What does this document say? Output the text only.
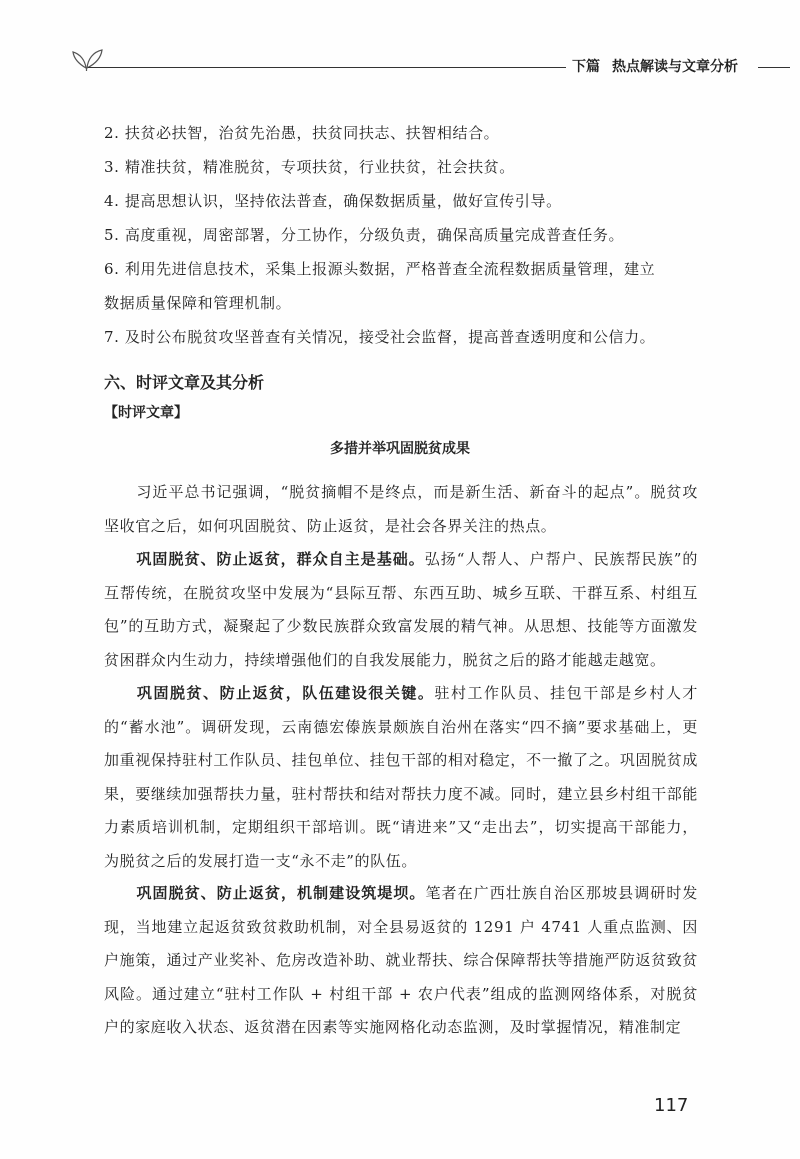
下篇 热点解读与文章分析
2. 扶贫必扶智，治贫先治愚，扶贫同扶志、扶智相结合。
3. 精准扶贫，精准脱贫，专项扶贫，行业扶贫，社会扶贫。
4. 提高思想认识，坚持依法普查，确保数据质量，做好宣传引导。
5. 高度重视，周密部署，分工协作，分级负责，确保高质量完成普查任务。
6. 利用先进信息技术，采集上报源头数据，严格普查全流程数据质量管理，建立
数据质量保障和管理机制。
7. 及时公布脱贫攻坚普查有关情况，接受社会监督，提高普查透明度和公信力。
六、时评文章及其分析
【时评文章】
多措并举巩固脱贫成果
习近平总书记强调，“脱贫摘帽不是终点，而是新生活、新奋斗的起点”。脱贫攻坚收官之后，如何巩固脱贫、防止返贫，是社会各界关注的热点。
巩固脱贫、防止返贫，群众自主是基础。弘扬“人帮人、户帮户、民族帮民族”的互帮传统，在脱贫攻坚中发展为“县际互帮、东西互助、城乡互联、干群互系、村组互包”的互助方式，凝聚起了少数民族群众致富发展的精气神。从思想、技能等方面激发贫困群众内生动力，持续增强他们的自我发展能力，脱贫之后的路才能越走越宽。
巩固脱贫、防止返贫，队伍建设很关键。驻村工作队员、挂包干部是乡村人才的“蓄水池”。调研发现，云南德宏傣族景颇族自治州在落实“四不摘”要求基础上，更加重视保持驻村工作队员、挂包单位、挂包干部的相对稳定，不一撤了之。巩固脱贫成果，要继续加强帮扶力量，驻村帮扶和结对帮扶力度不减。同时，建立县乡村组干部能力素质培训机制，定期组织干部培训。既“请进来”又“走出去”，切实提高干部能力，为脱贫之后的发展打造一支“永不走”的队伍。
巩固脱贫、防止返贫，机制建设筑堤坝。笔者在广西壮族自治区那坡县调研时发现，当地建立起返贫致贫救助机制，对全县易返贫的 1291 户 4741 人重点监测、因户施策，通过产业奖补、危房改造补助、就业帮扶、综合保障帮扶等措施严防返贫致贫风险。通过建立“驻村工作队 + 村组干部 + 农户代表”组成的监测网络体系，对脱贫户的家庭收入状态、返贫潜在因素等实施网格化动态监测，及时掌握情况，精准制定
117
